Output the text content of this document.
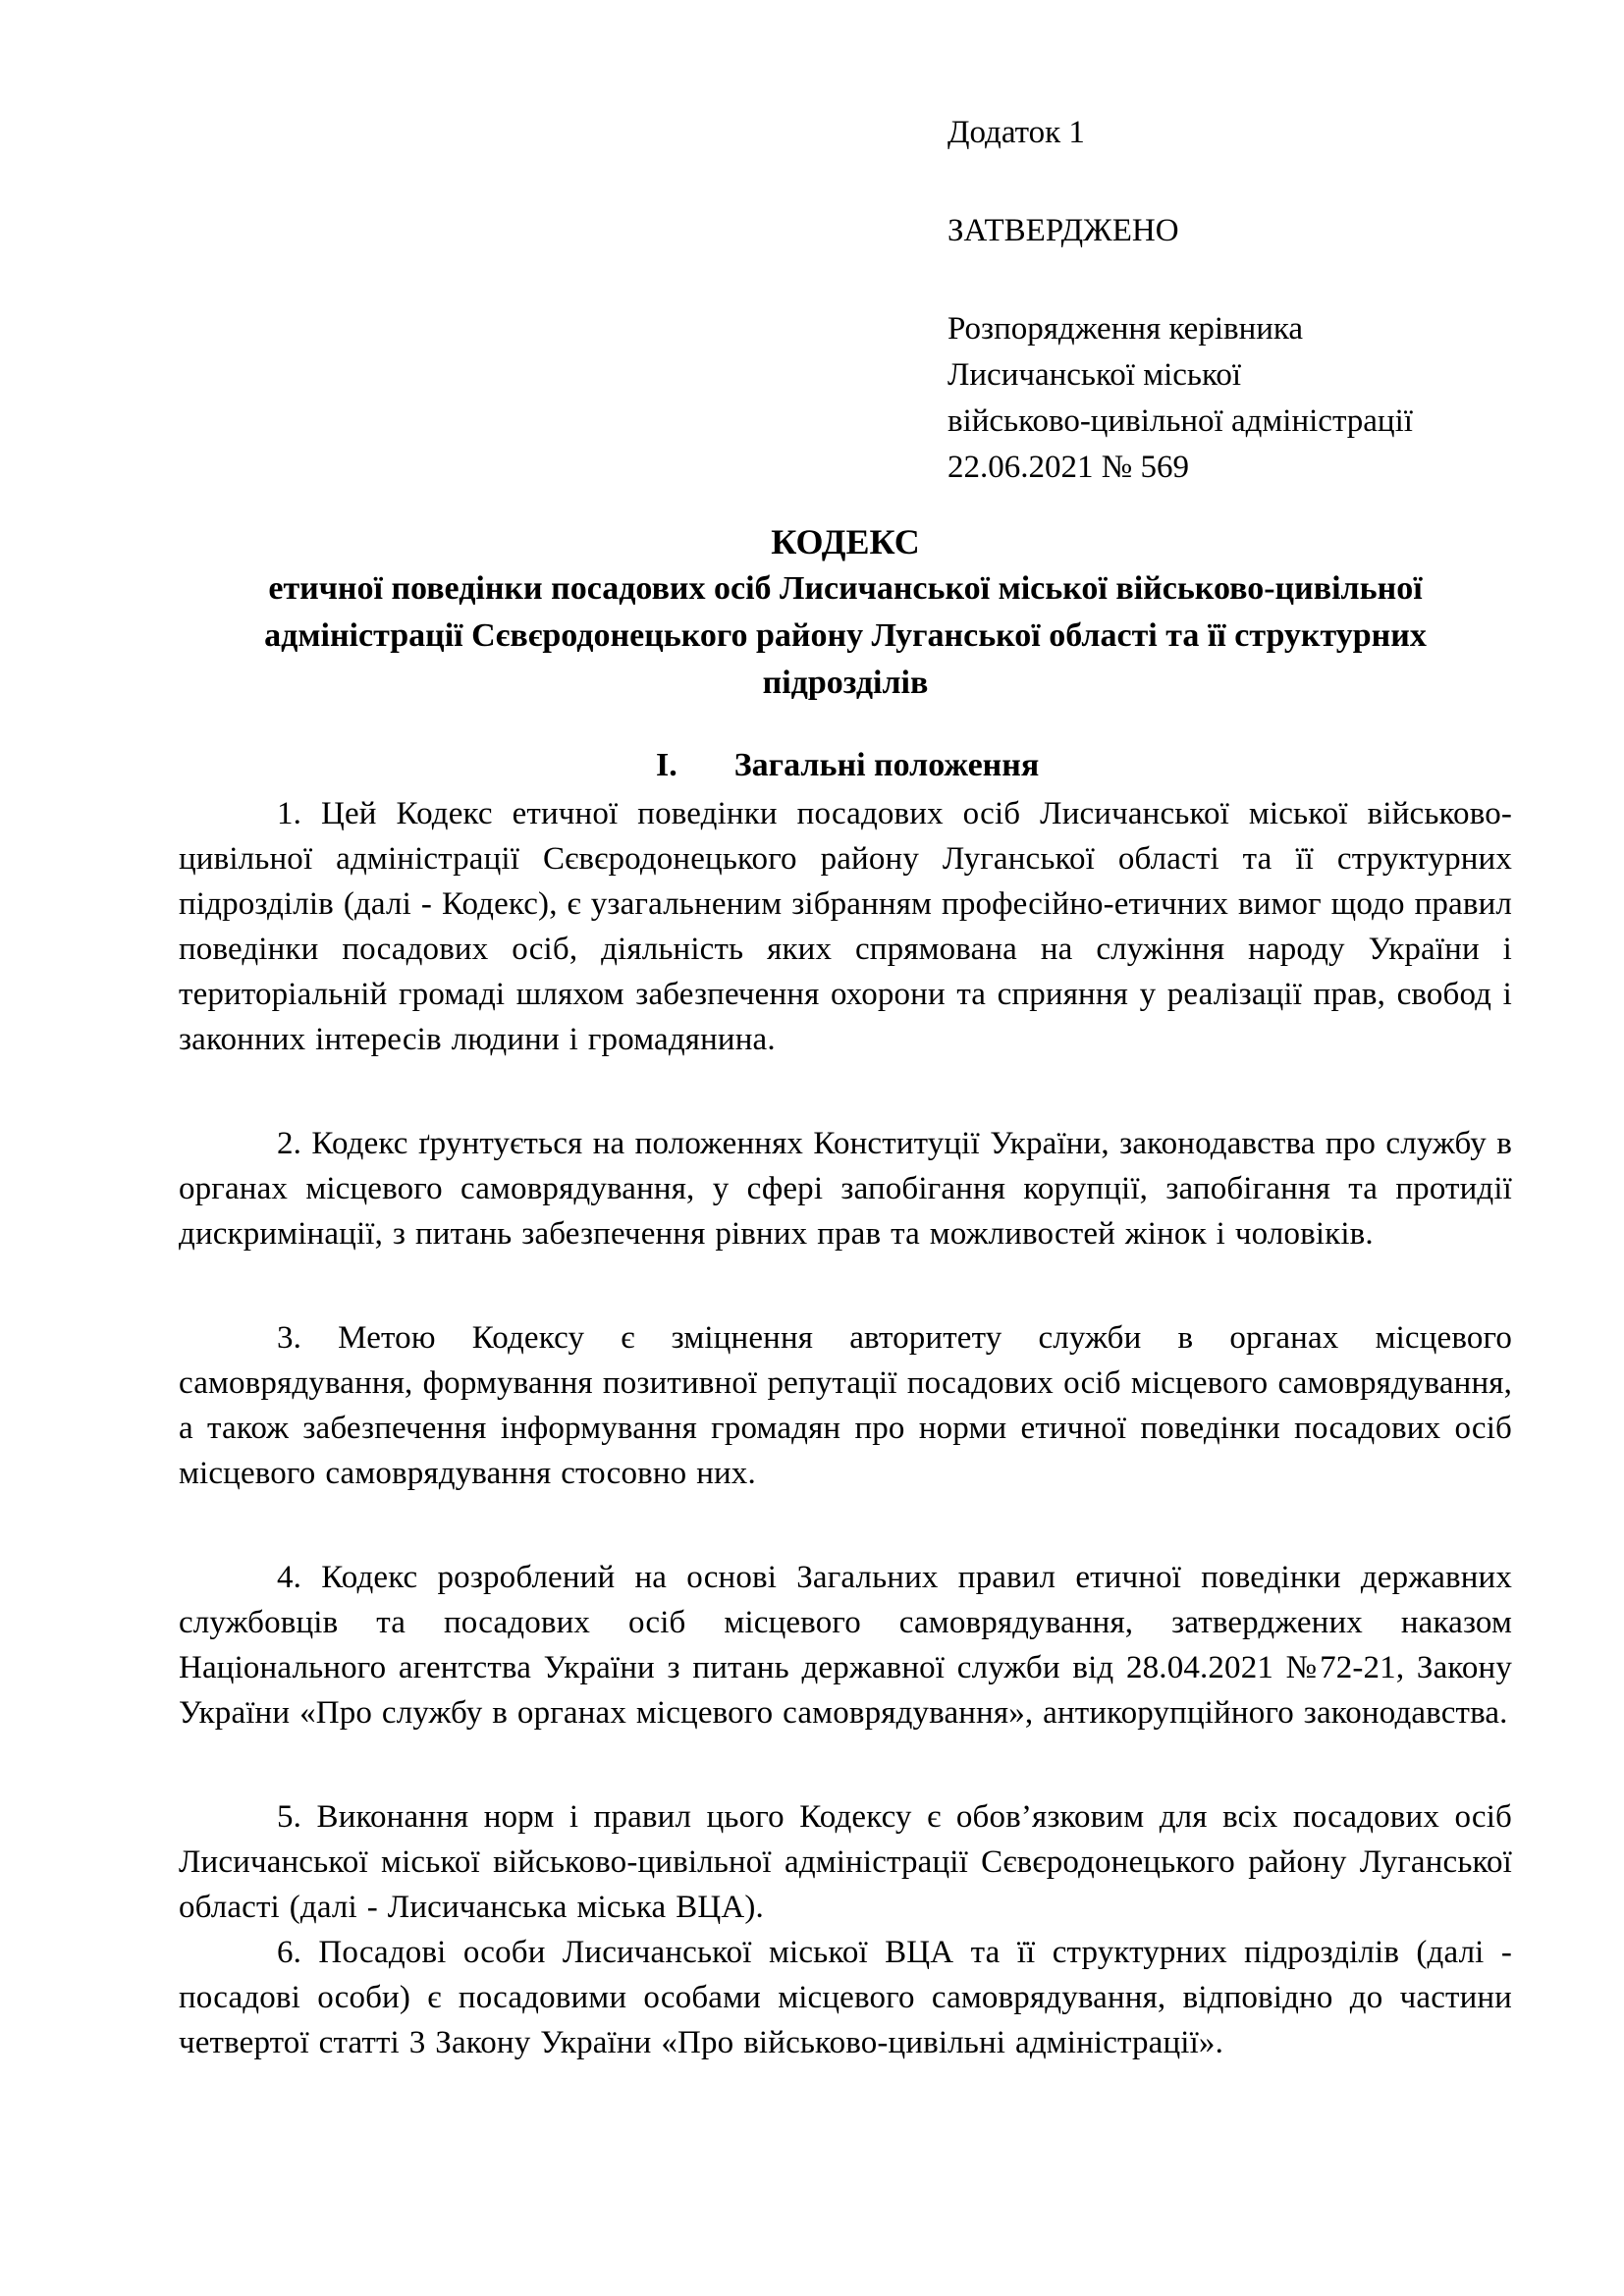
Додаток 1
ЗАТВЕРДЖЕНО
Розпорядження керівника
Лисичанської міської
військово-цивільної адміністрації
22.06.2021 № 569
КОДЕКС
етичної поведінки посадових осіб Лисичанської міської військово-цивільної адміністрації Сєвєродонецького району Луганської області та її структурних підрозділів
I. Загальні положення

1. Цей Кодекс етичної поведінки посадових осіб Лисичанської міської військово-цивільної адміністрації Сєвєродонецького району Луганської області та її структурних підрозділів (далі - Кодекс), є узагальненим зібранням професійно-етичних вимог щодо правил поведінки посадових осіб, діяльність яких спрямована на служіння народу України і територіальній громаді шляхом забезпечення охорони та сприяння у реалізації прав, свобод і законних інтересів людини і громадянина.

2. Кодекс ґрунтується на положеннях Конституції України, законодавства про службу в органах місцевого самоврядування, у сфері запобігання корупції, запобігання та протидії дискримінації, з питань забезпечення рівних прав та можливостей жінок і чоловіків.

3. Метою Кодексу є зміцнення авторитету служби в органах місцевого самоврядування, формування позитивної репутації посадових осіб місцевого самоврядування, а також забезпечення інформування громадян про норми етичної поведінки посадових осіб місцевого самоврядування стосовно них.

4. Кодекс розроблений на основі Загальних правил етичної поведінки державних службовців та посадових осіб місцевого самоврядування, затверджених наказом Національного агентства України з питань державної служби від 28.04.2021 №72-21, Закону України «Про службу в органах місцевого самоврядування», антикорупційного законодавства.

5. Виконання норм і правил цього Кодексу є обов’язковим для всіх посадових осіб Лисичанської міської військово-цивільної адміністрації Сєвєродонецького району Луганської області (далі - Лисичанська міська ВЦА).

6. Посадові особи Лисичанської міської ВЦА та її структурних підрозділів (далі - посадові особи) є посадовими особами місцевого самоврядування, відповідно до частини четвертої статті 3 Закону України «Про військово-цивільні адміністрації».
